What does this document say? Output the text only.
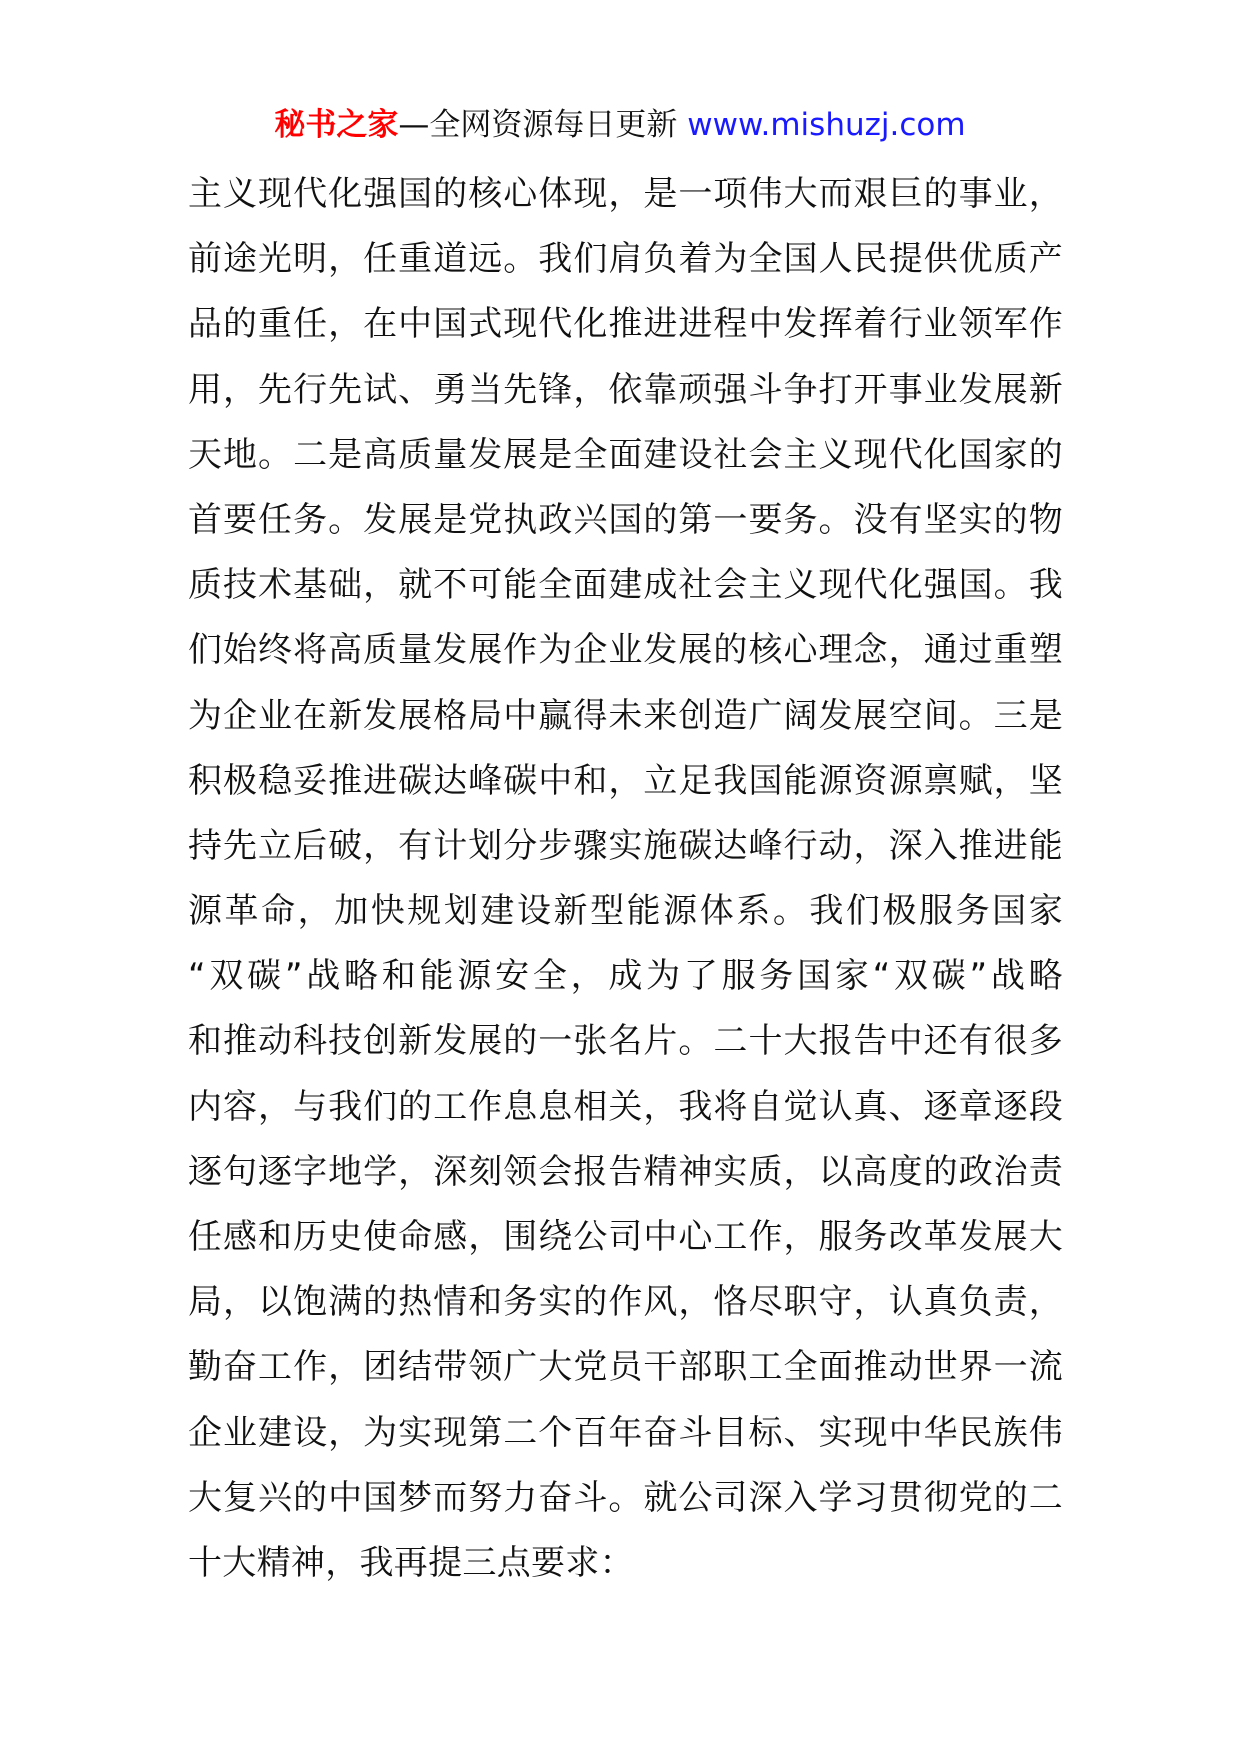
秘书之家—全网资源每日更新 www.mishuzj.com
主义现代化强国的核心体现，是一项伟大而艰巨的事业，
前途光明，任重道远。我们肩负着为全国人民提供优质产
品的重任，在中国式现代化推进进程中发挥着行业领军作
用，先行先试、勇当先锋，依靠顽强斗争打开事业发展新
天地。二是高质量发展是全面建设社会主义现代化国家的
首要任务。发展是党执政兴国的第一要务。没有坚实的物
质技术基础，就不可能全面建成社会主义现代化强国。我
们始终将高质量发展作为企业发展的核心理念，通过重塑
为企业在新发展格局中赢得未来创造广阔发展空间。三是
积极稳妥推进碳达峰碳中和，立足我国能源资源禀赋，坚
持先立后破，有计划分步骤实施碳达峰行动，深入推进能
源革命，加快规划建设新型能源体系。我们极服务国家
“双碳”战略和能源安全，成为了服务国家“双碳”战略
和推动科技创新发展的一张名片。二十大报告中还有很多
内容，与我们的工作息息相关，我将自觉认真、逐章逐段
逐句逐字地学，深刻领会报告精神实质，以高度的政治责
任感和历史使命感，围绕公司中心工作，服务改革发展大
局，以饱满的热情和务实的作风，恪尽职守，认真负责，
勤奋工作，团结带领广大党员干部职工全面推动世界一流
企业建设，为实现第二个百年奋斗目标、实现中华民族伟
大复兴的中国梦而努力奋斗。就公司深入学习贯彻党的二
十大精神，我再提三点要求：
